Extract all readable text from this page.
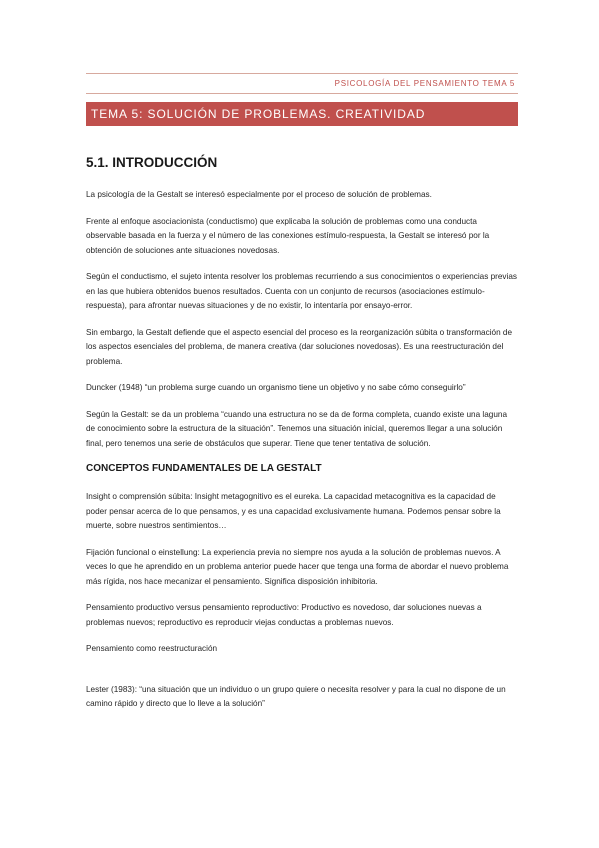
PSICOLOGÍA DEL PENSAMIENTO TEMA 5
TEMA 5: SOLUCIÓN DE PROBLEMAS. CREATIVIDAD
5.1. INTRODUCCIÓN

La psicología de la Gestalt se interesó especialmente por el proceso de solución de problemas.

Frente al enfoque asociacionista (conductismo) que explicaba la solución de problemas como una conducta observable basada en la fuerza y el número de las conexiones estímulo-respuesta, la Gestalt se interesó por la obtención de soluciones ante situaciones novedosas.

Según el conductismo, el sujeto intenta resolver los problemas recurriendo a sus conocimientos o experiencias previas en las que hubiera obtenidos buenos resultados. Cuenta con un conjunto de recursos (asociaciones estímulo-respuesta), para afrontar nuevas situaciones y de no existir, lo intentaría por ensayo-error.

Sin embargo, la Gestalt defiende que el aspecto esencial del proceso es la reorganización súbita o transformación de los aspectos esenciales del problema, de manera creativa (dar soluciones novedosas). Es una reestructuración del problema.

Duncker (1948) “un problema surge cuando un organismo tiene un objetivo y no sabe cómo conseguirlo”

Según la Gestalt: se da un problema “cuando una estructura no se da de forma completa, cuando existe una laguna de conocimiento sobre la estructura de la situación”. Tenemos una situación inicial, queremos llegar a una solución final, pero tenemos una serie de obstáculos que superar. Tiene que tener tentativa de solución.

CONCEPTOS FUNDAMENTALES DE LA GESTALT

Insight o comprensión súbita: Insight metagognitivo es el eureka. La capacidad metacognitiva es la capacidad de poder pensar acerca de lo que pensamos, y es una capacidad exclusivamente humana. Podemos pensar sobre la muerte, sobre nuestros sentimientos…

Fijación funcional o einstellung: La experiencia previa no siempre nos ayuda a la solución de problemas nuevos. A veces lo que he aprendido en un problema anterior puede hacer que tenga una forma de abordar el nuevo problema más rígida, nos hace mecanizar el pensamiento. Significa disposición inhibitoria.

Pensamiento productivo versus pensamiento reproductivo: Productivo es novedoso, dar soluciones nuevas a problemas nuevos; reproductivo es reproducir viejas conductas a problemas nuevos.

Pensamiento como reestructuración

Lester (1983): “una situación que un individuo o un grupo quiere o necesita resolver y para la cual no dispone de un camino rápido y directo que lo lleve a la solución”
